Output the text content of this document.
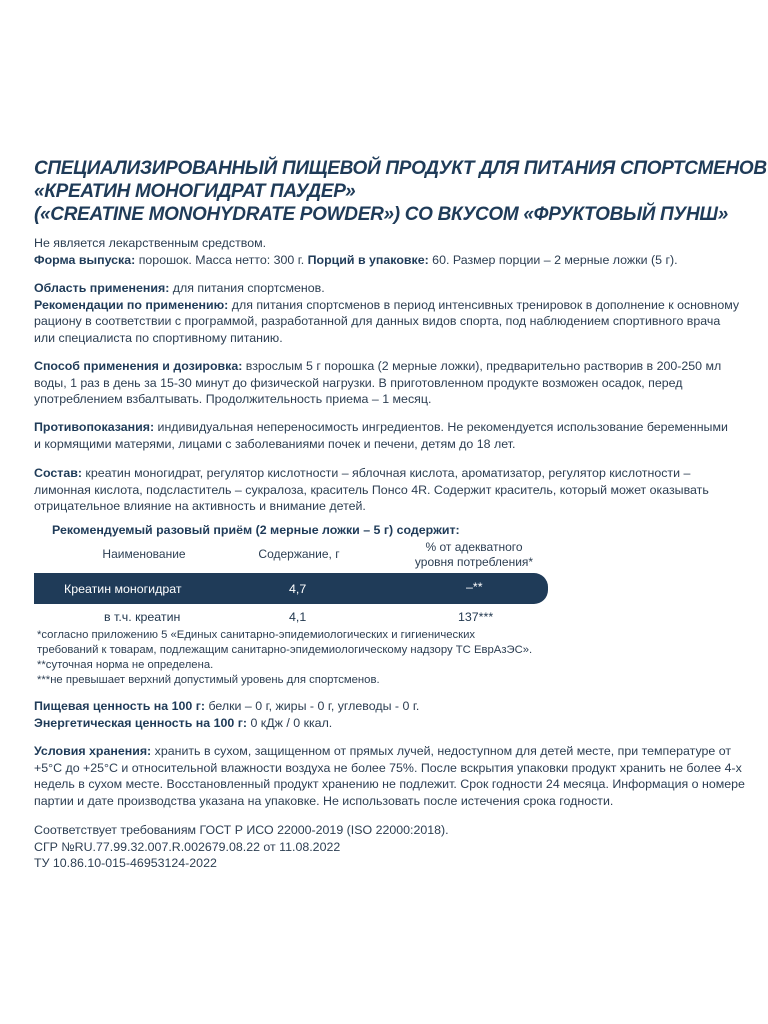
СПЕЦИАЛИЗИРОВАННЫЙ ПИЩЕВОЙ ПРОДУКТ ДЛЯ ПИТАНИЯ СПОРТСМЕНОВ
«КРЕАТИН МОНОГИДРАТ ПАУДЕР»
(«CREATINE MONOHYDRATE POWDER») СО ВКУСОМ «ФРУКТОВЫЙ ПУНШ»
Не является лекарственным средством.
Форма выпуска: порошок. Масса нетто: 300 г. Порций в упаковке: 60. Размер порции – 2 мерные ложки (5 г).
Область применения: для питания спортсменов.
Рекомендации по применению: для питания спортсменов в период интенсивных тренировок в дополнение к основному
рациону в соответствии с программой, разработанной для данных видов спорта, под наблюдением спортивного врача
или специалиста по спортивному питанию.
Способ применения и дозировка: взрослым 5 г порошка (2 мерные ложки), предварительно растворив в 200-250 мл
воды, 1 раз в день за 15-30 минут до физической нагрузки. В приготовленном продукте возможен осадок, перед
употреблением взбалтывать. Продолжительность приема – 1 месяц.
Противопоказания: индивидуальная непереносимость ингредиентов. Не рекомендуется использование беременными
и кормящими матерями, лицами с заболеваниями почек и печени, детям до 18 лет.
Состав: креатин моногидрат, регулятор кислотности – яблочная кислота, ароматизатор, регулятор кислотности –
лимонная кислота, подсластитель – сукралоза, краситель Понсо 4R. Содержит краситель, который может оказывать
отрицательное влияние на активность и внимание детей.
Рекомендуемый разовый приём (2 мерные ложки – 5 г) содержит:
Наименование	Содержание, г	% от адекватного
уровня потребления*
Креатин моногидрат	4,7	–**
в т.ч. креатин	4,1	137***
*согласно приложению 5 «Единых санитарно-эпидемиологических и гигиенических
требований к товарам, подлежащим санитарно-эпидемиологическому надзору ТС ЕврАзЭС».
**суточная норма не определена.
***не превышает верхний допустимый уровень для спортсменов.
Пищевая ценность на 100 г: белки – 0 г, жиры - 0 г, углеводы - 0 г.
Энергетическая ценность на 100 г: 0 кДж / 0 ккал.
Условия хранения: хранить в сухом, защищенном от прямых лучей, недоступном для детей месте, при температуре от
+5°С до +25°С и относительной влажности воздуха не более 75%. После вскрытия упаковки продукт хранить не более 4-х
недель в сухом месте. Восстановленный продукт хранению не подлежит. Срок годности 24 месяца. Информация о номере
партии и дате производства указана на упаковке. Не использовать после истечения срока годности.
Соответствует требованиям ГОСТ Р ИСО 22000-2019 (ISO 22000:2018).
СГР №RU.77.99.32.007.R.002679.08.22 от 11.08.2022
ТУ 10.86.10-015-46953124-2022
